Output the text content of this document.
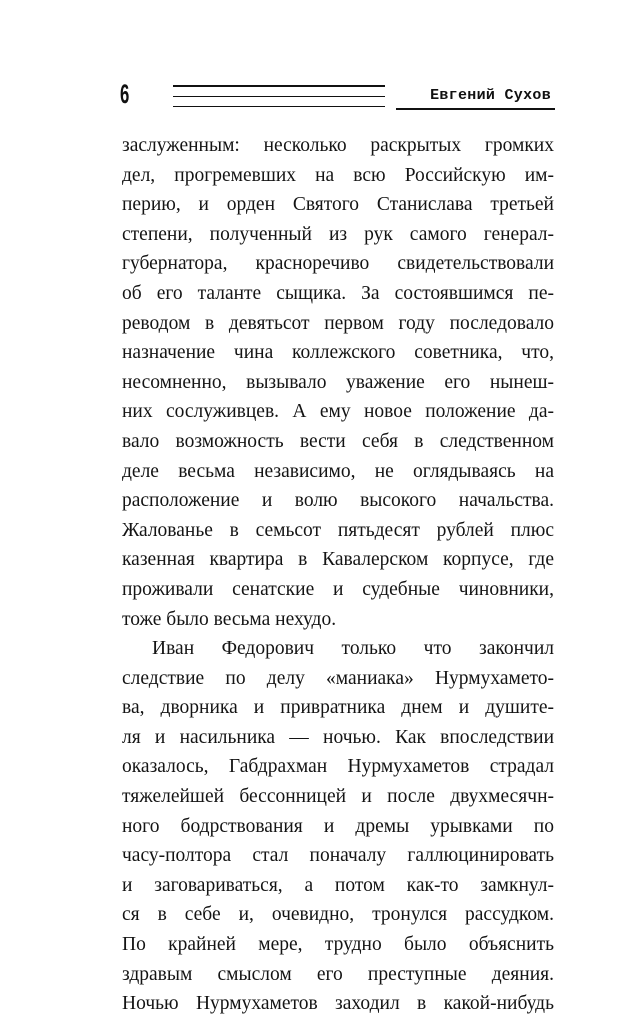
6	Евгений Сухов
заслуженным: несколько раскрытых громких
дел, прогремевших на всю Российскую им-
перию, и орден Святого Станислава третьей
степени, полученный из рук самого генерал-
губернатора, красноречиво свидетельствовали
об его таланте сыщика. За состоявшимся пе-
реводом в девятьсот первом году последовало
назначение чина коллежского советника, что,
несомненно, вызывало уважение его нынеш-
них сослуживцев. А ему новое положение да-
вало возможность вести себя в следственном
деле весьма независимо, не оглядываясь на
расположение и волю высокого начальства.
Жалованье в семьсот пятьдесят рублей плюс
казенная квартира в Кавалерском корпусе, где
проживали сенатские и судебные чиновники,
тоже было весьма нехудо.
Иван Федорович только что закончил
следствие по делу «маниака» Нурмухамето-
ва, дворника и привратника днем и душите-
ля и насильника — ночью. Как впоследствии
оказалось, Габдрахман Нурмухаметов страдал
тяжелейшей бессонницей и после двухмесячн-
ного бодрствования и дремы урывками по
часу-полтора стал поначалу галлюцинировать
и заговариваться, а потом как-то замкнул-
ся в себе и, очевидно, тронулся рассудком.
По крайней мере, трудно было объяснить
здравым смыслом его преступные деяния.
Ночью Нурмухаметов заходил в какой-нибудь
